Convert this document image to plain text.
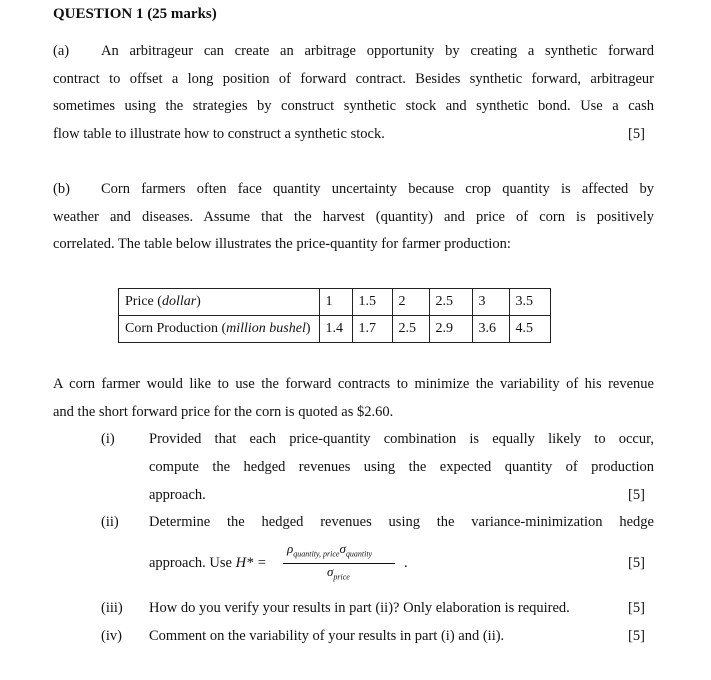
QUESTION 1 (25 marks)
(a) An arbitrageur can create an arbitrage opportunity by creating a synthetic forward
contract to offset a long position of forward contract. Besides synthetic forward, arbitrageur
sometimes using the strategies by construct synthetic stock and synthetic bond. Use a cash
flow table to illustrate how to construct a synthetic stock.	[5]
(b) Corn farmers often face quantity uncertainty because crop quantity is affected by
weather and diseases. Assume that the harvest (quantity) and price of corn is positively
correlated. The table below illustrates the price-quantity for farmer production:
Price (dollar)	1	1.5	2	2.5	3	3.5
Corn Production (million bushel)	1.4	1.7	2.5	2.9	3.6	4.5
A corn farmer would like to use the forward contracts to minimize the variability of his revenue
and the short forward price for the corn is quoted as $2.60.
(i) Provided that each price-quantity combination is equally likely to occur,
compute the hedged revenues using the expected quantity of production
approach.	[5]
(ii) Determine the hedged revenues using the variance-minimization hedge
approach. Use H* =
$\rho_{quantity, price}\sigma_{quantity}$
$\sigma_{price}$
.	[5]
(iii) How do you verify your results in part (ii)? Only elaboration is required.	[5]
(iv) Comment on the variability of your results in part (i) and (ii).	[5]
